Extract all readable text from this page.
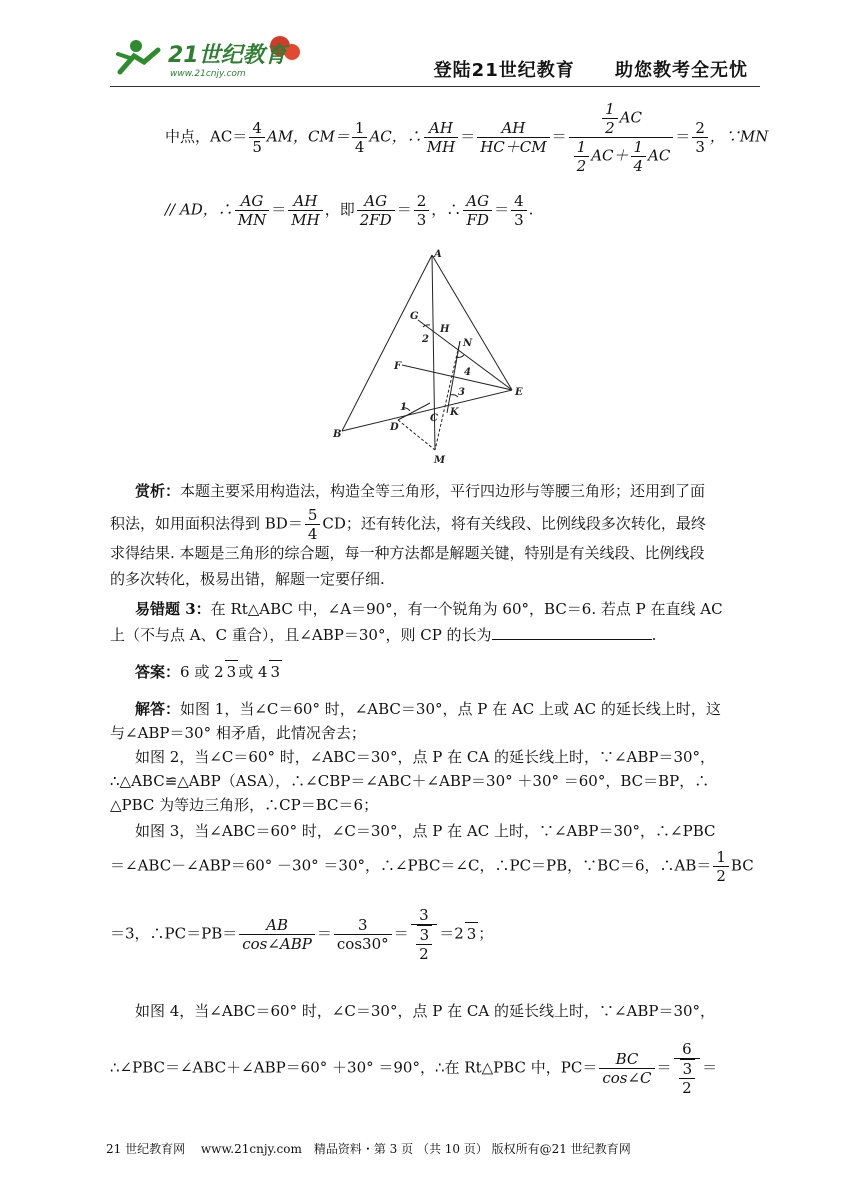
21世纪教育
www.21cnjy.com	登陆21世纪教育　 助您教考全无忧
中点，$AC= \frac{4}{5}$ AM，$CM= \frac{1}{4}$ AC，∴ $\frac{AH}{MH} = \frac{AH}{HC+CM} = \frac{\frac{1}{2} AC}{\frac{1}{2} AC+ \frac{1}{4} AC} = \frac{2}{3}$ ，∵MN
// AD，∴ $\frac{AG}{MN} = \frac{AH}{MH}$ ，即 $\frac{AG}{2FD} = \frac{2}{3}$ ，∴ $\frac{AG}{FD} = \frac{4}{3}$ .
A
G
H
N
F
E
B
D
C
K
M
2
4
3
1
赏析：本题主要采用构造法，构造全等三角形，平行四边形与等腰三角形；还用到了面
积法，如用面积法得到 $BD= \frac{5}{4}$ CD；还有转化法，将有关线段、比例线段多次转化，最终
求得结果. 本题是三角形的综合题，每一种方法都是解题关键，特别是有关线段、比例线段
的多次转化，极易出错，解题一定要仔细.
易错题 3：在 Rt△ABC 中，∠A＝90°，有一个锐角为 60°，BC＝6. 若点 P 在直线 AC
上（不与点 A、C 重合），且∠ABP＝30°，则 CP 的长为	.
答案：6 或 2 3 或 4 3
解答：如图 1，当∠C＝60° 时，∠ABC＝30°，点 P 在 AC 上或 AC 的延长线上时，这
与∠ABP＝30° 相矛盾，此情况舍去；
如图 2，当∠C＝60° 时，∠ABC＝30°，点 P 在 CA 的延长线上时，∵∠ABP＝30°，
∴△ABC≌△ABP（ASA），∴∠CBP＝∠ABC＋∠ABP＝30° ＋30° ＝60°，BC＝BP，∴
△PBC 为等边三角形，∴CP＝BC＝6；
如图 3，当∠ABC＝60° 时，∠C＝30°，点 P 在 AC 上时，∵∠ABP＝30°，∴∠PBC
＝∠ABC－∠ABP＝60° －30° ＝30°，∴∠PBC＝∠C，∴PC＝PB，∵BC＝6，∴AB＝ $\frac{1}{2}$ BC
＝3，∴PC＝PB＝ $\frac{AB}{\text{cos∠ABP}} = \frac{3}{\cos 30^\circ} = \frac{3}{\frac{3}{2}} =2$ 3 ；
如图 4，当∠ABC＝60° 时，∠C＝30°，点 P 在 CA 的延长线上时，∵∠ABP＝30°，
∴∠PBC＝∠ABC＋∠ABP＝60° ＋30° ＝90°，∴在 Rt△PBC 中，$PC= \frac{BC}{\cos\angle C} = \frac{6}{\frac{3}{2}}$ ＝
21 世纪教育网　 www.21cnjy.com　精品资料・第 3 页 （共 10 页） 版权所有@21 世纪教育网
